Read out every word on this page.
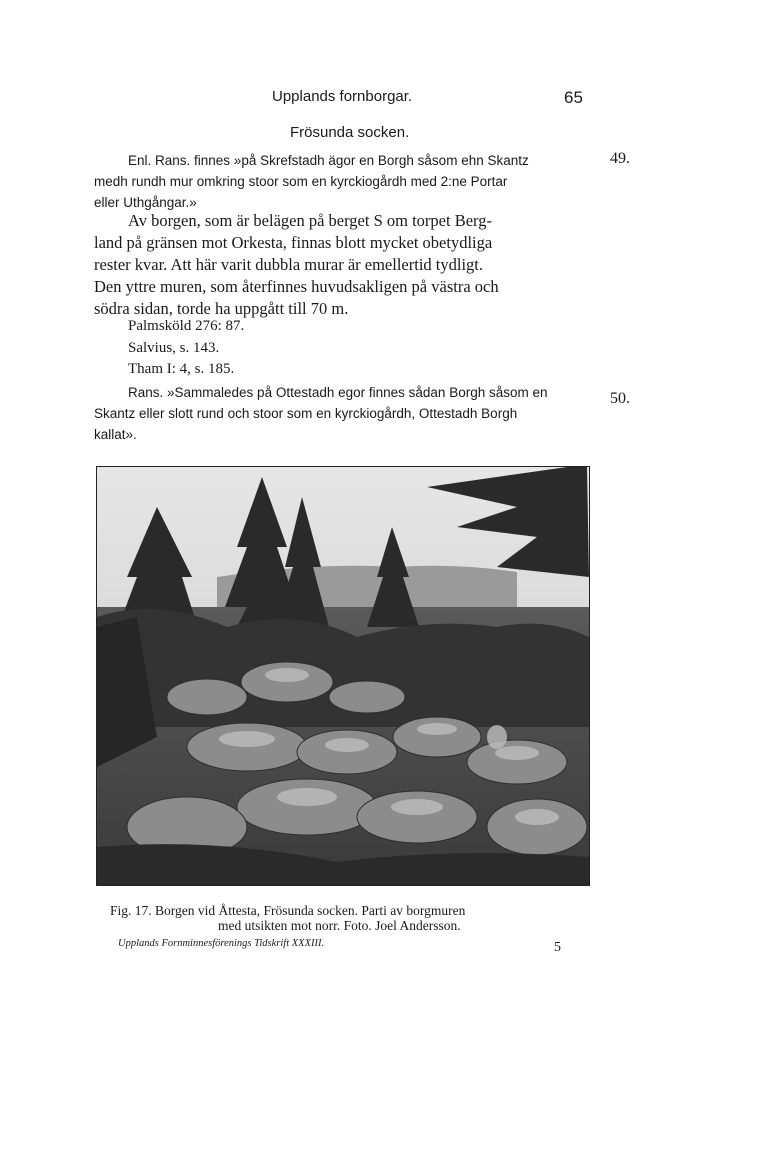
Upplands fornborgar.	65
Frösunda socken.
49.
Enl. Rans. finnes »på Skrefstadh ägor en Borgh såsom ehn Skantz
medh rundh mur omkring stoor som en kyrckiogårdh med 2:ne Portar
eller Uthgångar.»
Av borgen, som är belägen på berget S om torpet Berg-
land på gränsen mot Orkesta, finnas blott mycket obetydliga
rester kvar. Att här varit dubbla murar är emellertid tydligt.
Den yttre muren, som återfinnes huvudsakligen på västra och
södra sidan, torde ha uppgått till 70 m.
Palmsköld 276: 87.
Salvius, s. 143.
Tham I: 4, s. 185.
50.
Rans. »Sammaledes på Ottestadh egor finnes sådan Borgh såsom en
Skantz eller slott rund och stoor som en kyrckiogårdh, Ottestadh Borgh
kallat».
Fig. 17. Borgen vid Åttesta, Frösunda socken. Parti av borgmuren
med utsikten mot norr. Foto. Joel Andersson.
Upplands Fornminnesförenings Tidskrift XXXIII.	5
